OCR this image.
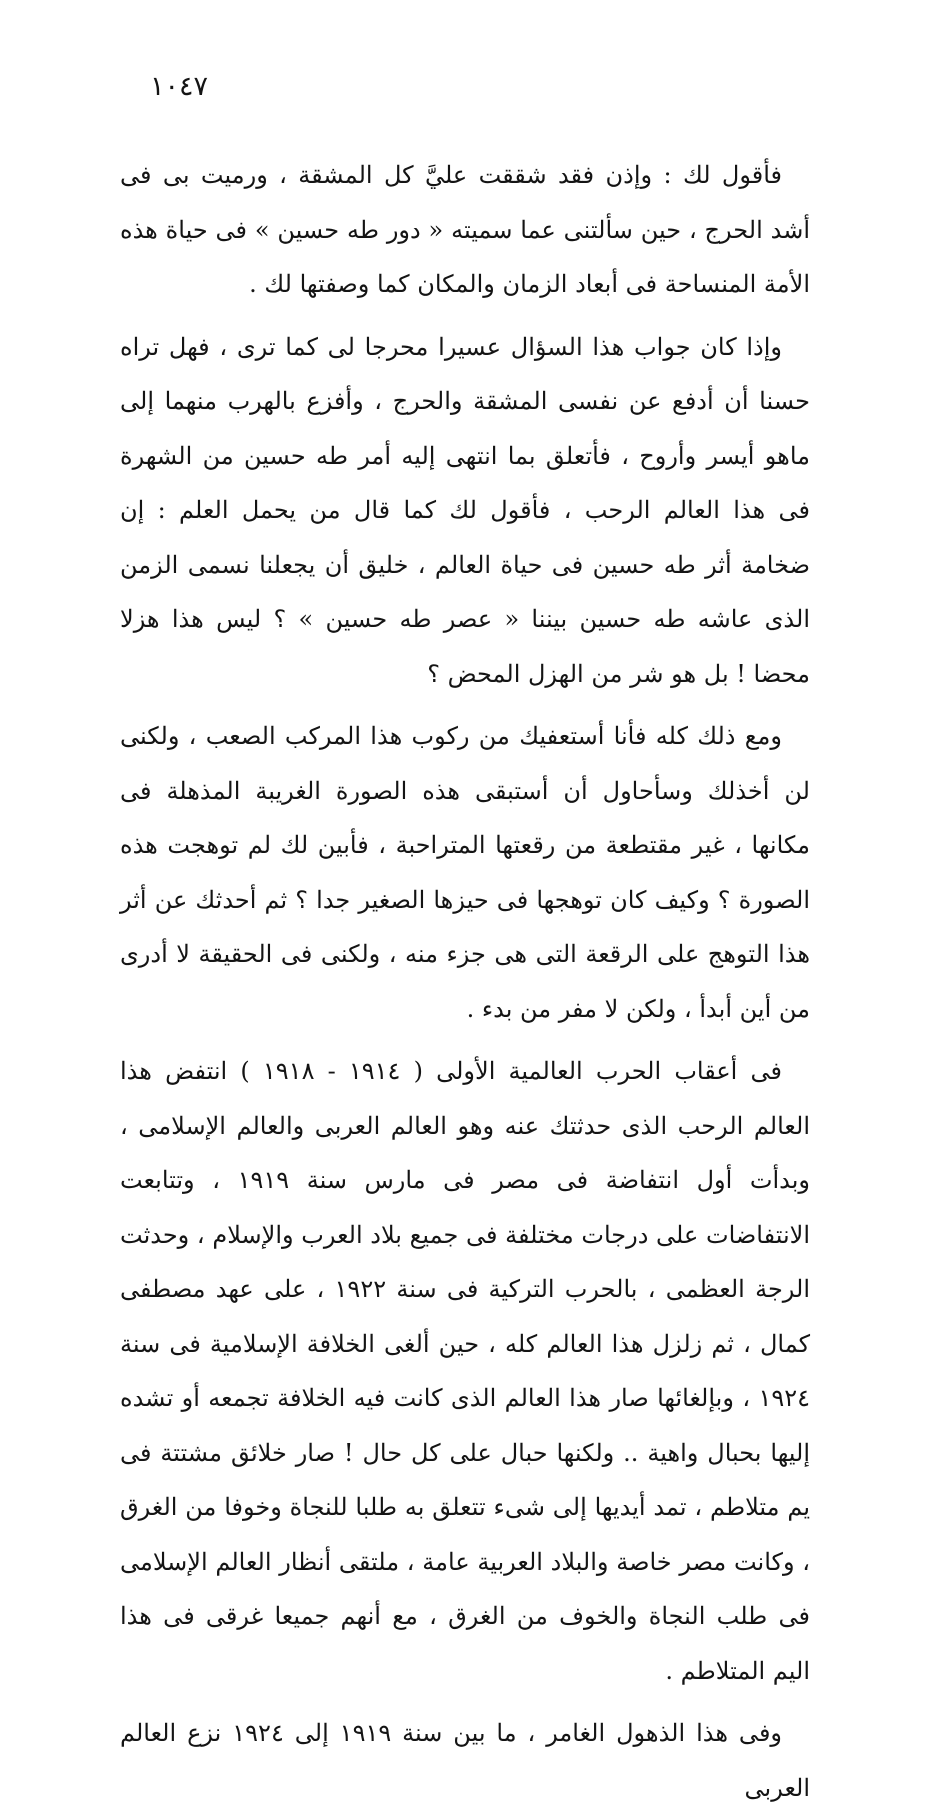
١٠٤٧

فأقول لك : وإذن فقد شققت عليَّ كل المشقة ، ورميت بى فى أشد الحرج ، حين سألتنى عما سميته « دور طه حسين » فى حياة هذه الأمة المنساحة فى أبعاد الزمان والمكان كما وصفتها لك .

وإذا كان جواب هذا السؤال عسيرا محرجا لى كما ترى ، فهل تراه حسنا أن أدفع عن نفسى المشقة والحرج ، وأفزع بالهرب منهما إلى ماهو أيسر وأروح ، فأتعلق بما انتهى إليه أمر طه حسين من الشهرة فى هذا العالم الرحب ، فأقول لك كما قال من يحمل العلم : إن ضخامة أثر طه حسين فى حياة العالم ، خليق أن يجعلنا نسمى الزمن الذى عاشه طه حسين بيننا « عصر طه حسين » ؟ ليس هذا هزلا محضا ! بل هو شر من الهزل المحض ؟

ومع ذلك كله فأنا أستعفيك من ركوب هذا المركب الصعب ، ولكنى لن أخذلك وسأحاول أن أستبقى هذه الصورة الغريبة المذهلة فى مكانها ، غير مقتطعة من رقعتها المتراحبة ، فأبين لك لم توهجت هذه الصورة ؟ وكيف كان توهجها فى حيزها الصغير جدا ؟ ثم أحدثك عن أثر هذا التوهج على الرقعة التى هى جزء منه ، ولكنى فى الحقيقة لا أدرى من أين أبدأ ، ولكن لا مفر من بدء .

فى أعقاب الحرب العالمية الأولى ( ١٩١٤ - ١٩١٨ ) انتفض هذا العالم الرحب الذى حدثتك عنه وهو العالم العربى والعالم الإسلامى ، وبدأت أول انتفاضة فى مصر فى مارس سنة ١٩١٩ ، وتتابعت الانتفاضات على درجات مختلفة فى جميع بلاد العرب والإسلام ، وحدثت الرجة العظمى ، بالحرب التركية فى سنة ١٩٢٢ ، على عهد مصطفى كمال ، ثم زلزل هذا العالم كله ، حين ألغى الخلافة الإسلامية فى سنة ١٩٢٤ ، وبإلغائها صار هذا العالم الذى كانت فيه الخلافة تجمعه أو تشده إليها بحبال واهية .. ولكنها حبال على كل حال ! صار خلائق مشتتة فى يم متلاطم ، تمد أيديها إلى شىء تتعلق به طلبا للنجاة وخوفا من الغرق ، وكانت مصر خاصة والبلاد العربية عامة ، ملتقى أنظار العالم الإسلامى فى طلب النجاة والخوف من الغرق ، مع أنهم جميعا غرقى فى هذا اليم المتلاطم .

وفى هذا الذهول الغامر ، ما بين سنة ١٩١٩ إلى ١٩٢٤ نزع العالم العربى
